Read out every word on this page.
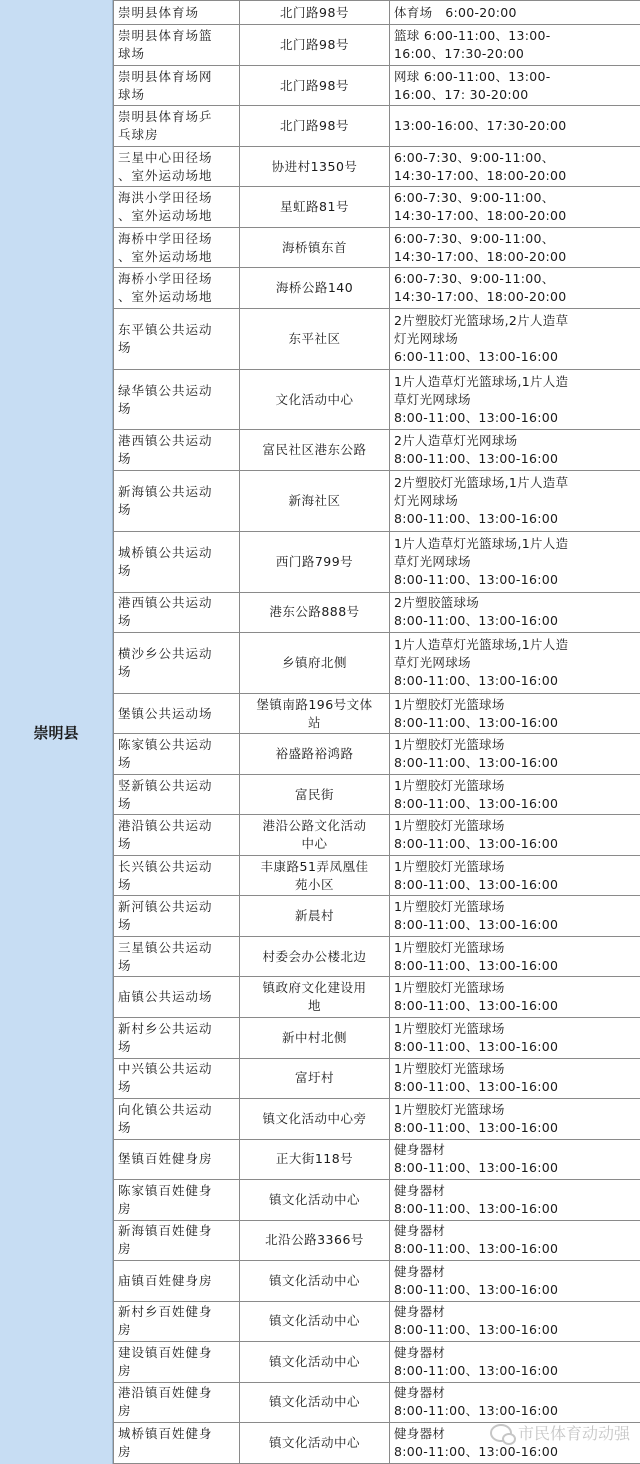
崇明县
崇明县体育场	北门路98号	体育场　6:00-20:00
崇明县体育场篮
球场	北门路98号	篮球 6:00-11:00、13:00-
16:00、17:30-20:00
崇明县体育场网
球场	北门路98号	网球 6:00-11:00、13:00-
16:00、17: 30-20:00
崇明县体育场乒
乓球房	北门路98号	13:00-16:00、17:30-20:00
三星中心田径场
、室外运动场地	协进村1350号	6:00-7:30、9:00-11:00、
14:30-17:00、18:00-20:00
海洪小学田径场
、室外运动场地	星虹路81号	6:00-7:30、9:00-11:00、
14:30-17:00、18:00-20:00
海桥中学田径场
、室外运动场地	海桥镇东首	6:00-7:30、9:00-11:00、
14:30-17:00、18:00-20:00
海桥小学田径场
、室外运动场地	海桥公路140	6:00-7:30、9:00-11:00、
14:30-17:00、18:00-20:00
东平镇公共运动
场	东平社区	2片塑胶灯光篮球场,2片人造草
灯光网球场
6:00-11:00、13:00-16:00
绿华镇公共运动
场	文化活动中心	1片人造草灯光篮球场,1片人造
草灯光网球场
8:00-11:00、13:00-16:00
港西镇公共运动
场	富民社区港东公路	2片人造草灯光网球场
8:00-11:00、13:00-16:00
新海镇公共运动
场	新海社区	2片塑胶灯光篮球场,1片人造草
灯光网球场
8:00-11:00、13:00-16:00
城桥镇公共运动
场	西门路799号	1片人造草灯光篮球场,1片人造
草灯光网球场
8:00-11:00、13:00-16:00
港西镇公共运动
场	港东公路888号	2片塑胶篮球场
8:00-11:00、13:00-16:00
横沙乡公共运动
场	乡镇府北侧	1片人造草灯光篮球场,1片人造
草灯光网球场
8:00-11:00、13:00-16:00
堡镇公共运动场	堡镇南路196号文体
站	1片塑胶灯光篮球场
8:00-11:00、13:00-16:00
陈家镇公共运动
场	裕盛路裕鸿路	1片塑胶灯光篮球场
8:00-11:00、13:00-16:00
竖新镇公共运动
场	富民街	1片塑胶灯光篮球场
8:00-11:00、13:00-16:00
港沿镇公共运动
场	港沿公路文化活动
中心	1片塑胶灯光篮球场
8:00-11:00、13:00-16:00
长兴镇公共运动
场	丰康路51弄凤凰佳
苑小区	1片塑胶灯光篮球场
8:00-11:00、13:00-16:00
新河镇公共运动
场	新晨村	1片塑胶灯光篮球场
8:00-11:00、13:00-16:00
三星镇公共运动
场	村委会办公楼北边	1片塑胶灯光篮球场
8:00-11:00、13:00-16:00
庙镇公共运动场	镇政府文化建设用
地	1片塑胶灯光篮球场
8:00-11:00、13:00-16:00
新村乡公共运动
场	新中村北侧	1片塑胶灯光篮球场
8:00-11:00、13:00-16:00
中兴镇公共运动
场	富圩村	1片塑胶灯光篮球场
8:00-11:00、13:00-16:00
向化镇公共运动
场	镇文化活动中心旁	1片塑胶灯光篮球场
8:00-11:00、13:00-16:00
堡镇百姓健身房	正大街118号	健身器材
8:00-11:00、13:00-16:00
陈家镇百姓健身
房	镇文化活动中心	健身器材
8:00-11:00、13:00-16:00
新海镇百姓健身
房	北沿公路3366号	健身器材
8:00-11:00、13:00-16:00
庙镇百姓健身房	镇文化活动中心	健身器材
8:00-11:00、13:00-16:00
新村乡百姓健身
房	镇文化活动中心	健身器材
8:00-11:00、13:00-16:00
建设镇百姓健身
房	镇文化活动中心	健身器材
8:00-11:00、13:00-16:00
港沿镇百姓健身
房	镇文化活动中心	健身器材
8:00-11:00、13:00-16:00
城桥镇百姓健身
房	镇文化活动中心	健身器材
8:00-11:00、13:00-16:00
市民体育动动强
